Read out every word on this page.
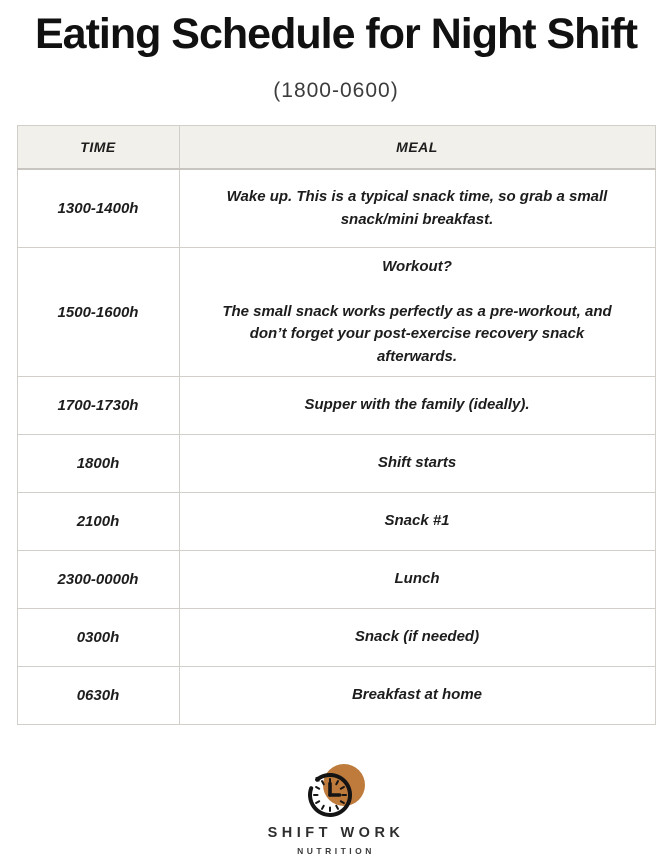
Eating Schedule for Night Shift
(1800-0600)
TIME	MEAL
1300-1400h	Wake up. This is a typical snack time, so grab a small snack/mini breakfast.
1500-1600h	Workout?
The small snack works perfectly as a pre-workout, and don’t forget your post-exercise recovery snack afterwards.

1700-1730h	Supper with the family (ideally).
1800h	Shift starts
2100h	Snack #1
2300-0000h	Lunch
0300h	Snack (if needed)
0630h	Breakfast at home
SHIFT WORK
NUTRITION
